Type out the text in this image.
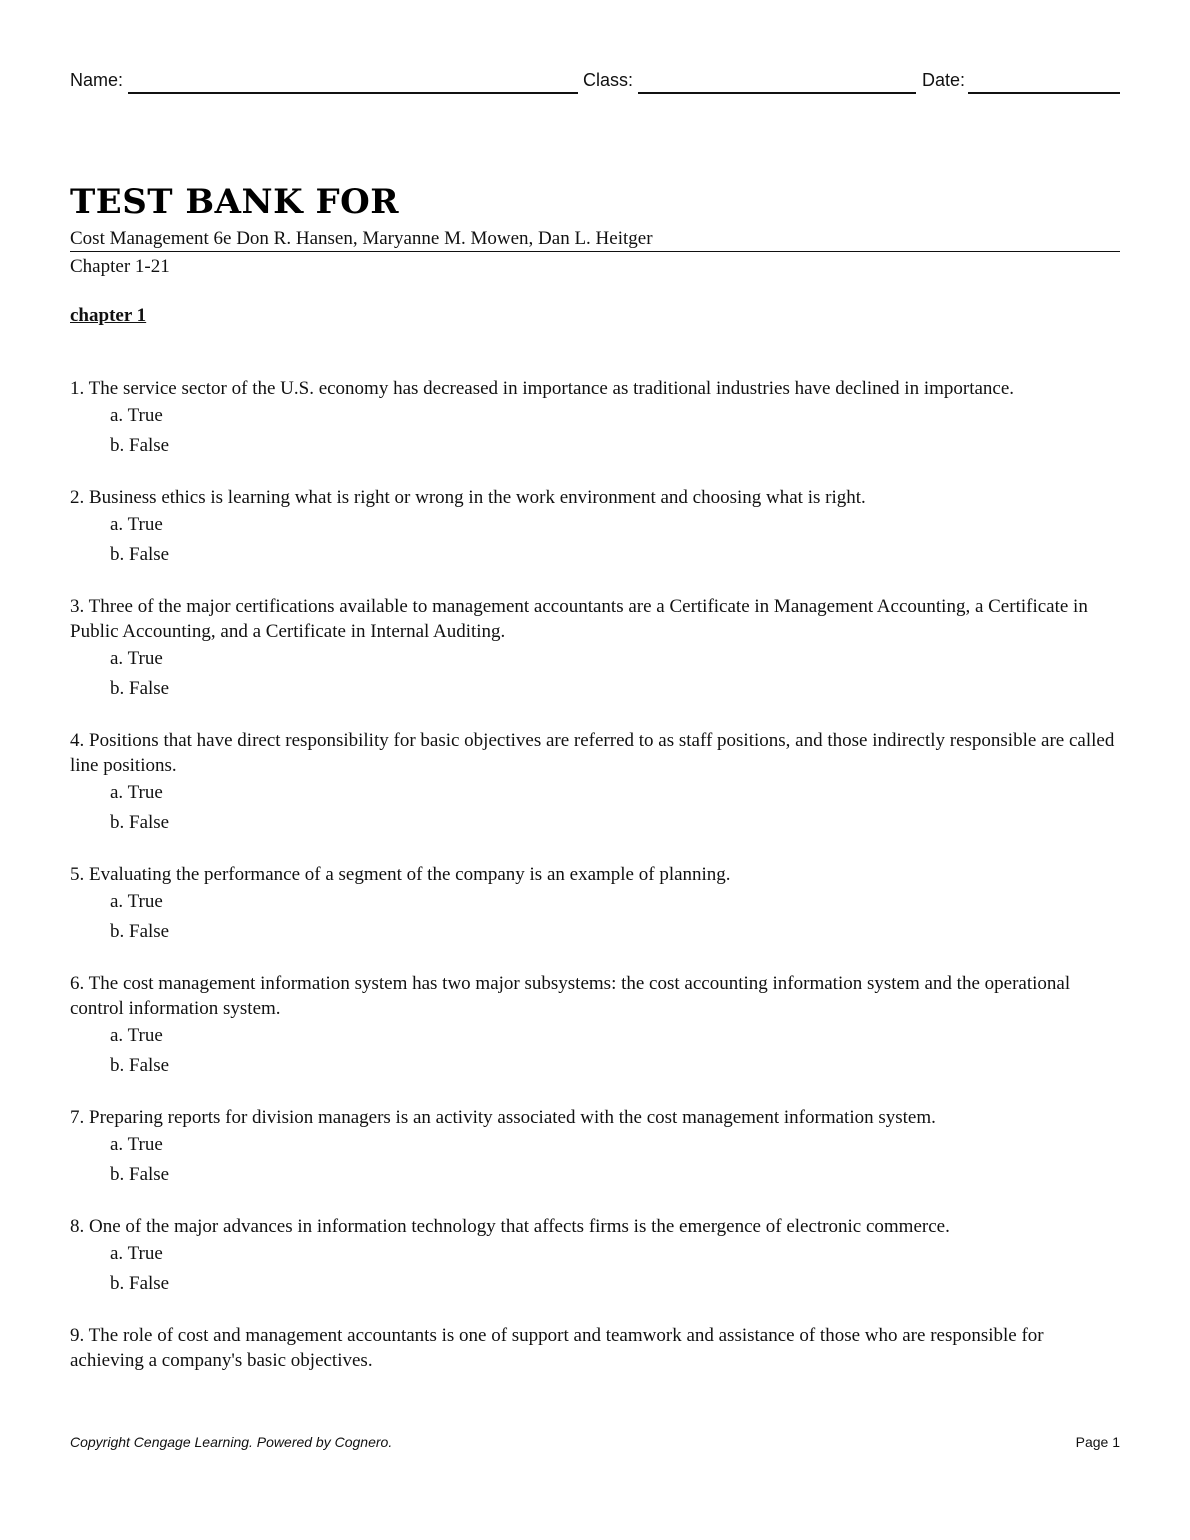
Name:	Class:	Date:
TEST BANK FOR
Cost Management 6e Don R. Hansen, Maryanne M. Mowen, Dan L. Heitger
Chapter 1-21
chapter 1
1. The service sector of the U.S. economy has decreased in importance as traditional industries have declined in importance.
a. True
b. False
2. Business ethics is learning what is right or wrong in the work environment and choosing what is right.
a. True
b. False
3. Three of the major certifications available to management accountants are a Certificate in Management Accounting, a Certificate in Public Accounting, and a Certificate in Internal Auditing.
a. True
b. False
4. Positions that have direct responsibility for basic objectives are referred to as staff positions, and those indirectly responsible are called line positions.
a. True
b. False
5. Evaluating the performance of a segment of the company is an example of planning.
a. True
b. False
6. The cost management information system has two major subsystems: the cost accounting information system and the operational control information system.
a. True
b. False
7. Preparing reports for division managers is an activity associated with the cost management information system.
a. True
b. False
8. One of the major advances in information technology that affects firms is the emergence of electronic commerce.
a. True
b. False
9. The role of cost and management accountants is one of support and teamwork and assistance of those who are responsible for achieving a company's basic objectives.
Copyright Cengage Learning. Powered by Cognero.	Page 1
